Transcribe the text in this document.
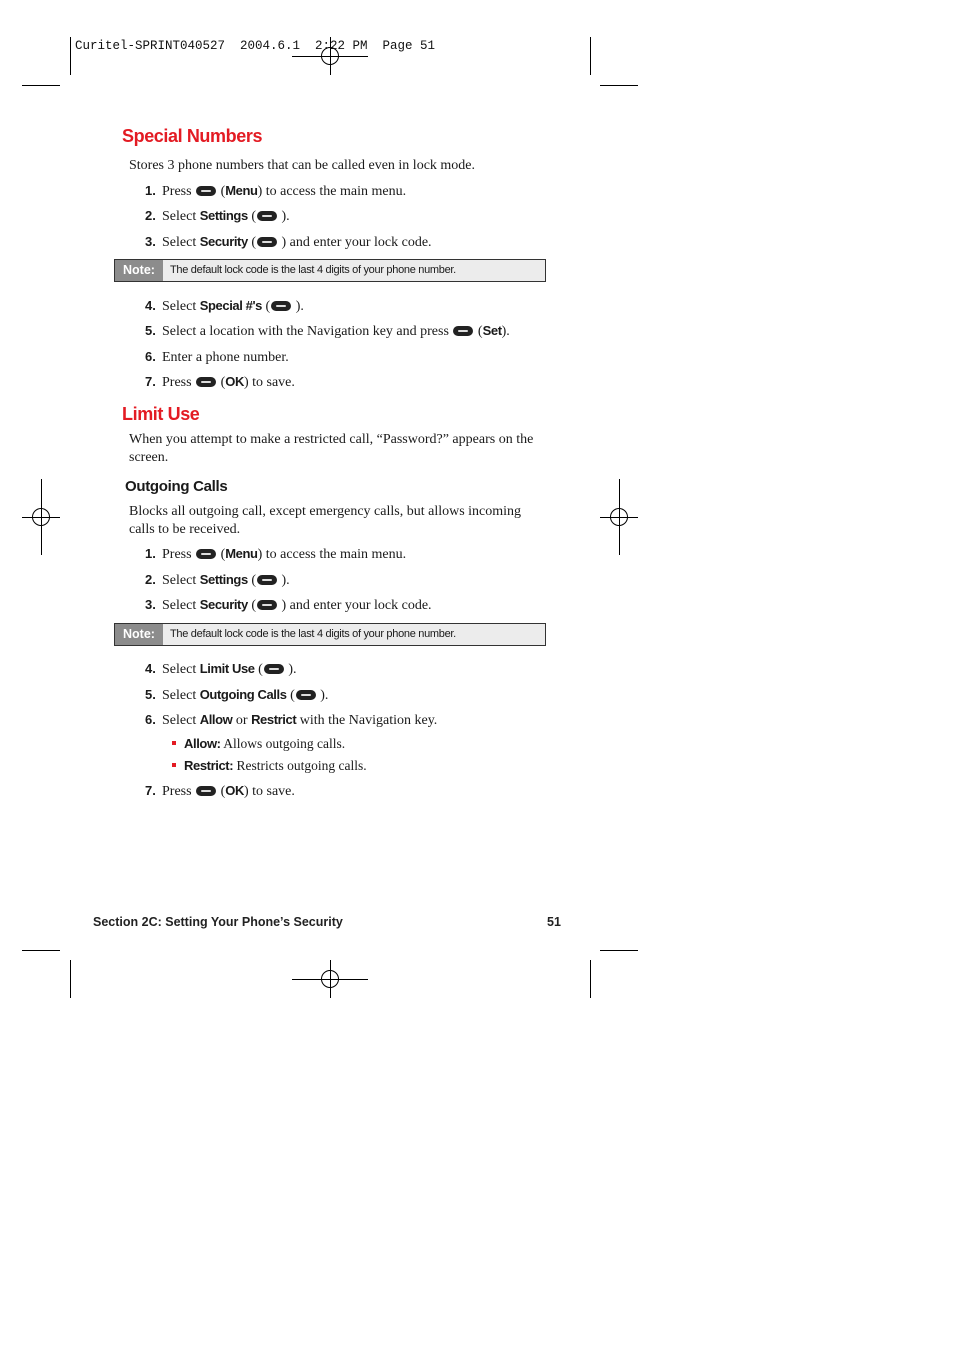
Curitel-SPRINT040527  2004.6.1  2:22 PM  Page 51
Special Numbers
Stores 3 phone numbers that can be called even in lock mode.
1. Press  (Menu) to access the main menu.
2. Select Settings ( ).
3. Select Security ( ) and enter your lock code.
Note:	The default lock code is the last 4 digits of your phone number.
4. Select Special #'s ( ).
5. Select a location with the Navigation key and press  (Set).
6. Enter a phone number.
7. Press  (OK) to save.
Limit Use
When you attempt to make a restricted call, “Password?” appears on the screen.
Outgoing Calls
Blocks all outgoing call, except emergency calls, but allows incoming calls to be received.
1. Press  (Menu) to access the main menu.
2. Select Settings ( ).
3. Select Security ( ) and enter your lock code.
Note:	The default lock code is the last 4 digits of your phone number.
4. Select Limit Use ( ).
5. Select Outgoing Calls ( ).
6. Select Allow or Restrict with the Navigation key.
Allow: Allows outgoing calls.
Restrict: Restricts outgoing calls.
7. Press  (OK) to save.
Section 2C: Setting Your Phone’s Security	51
